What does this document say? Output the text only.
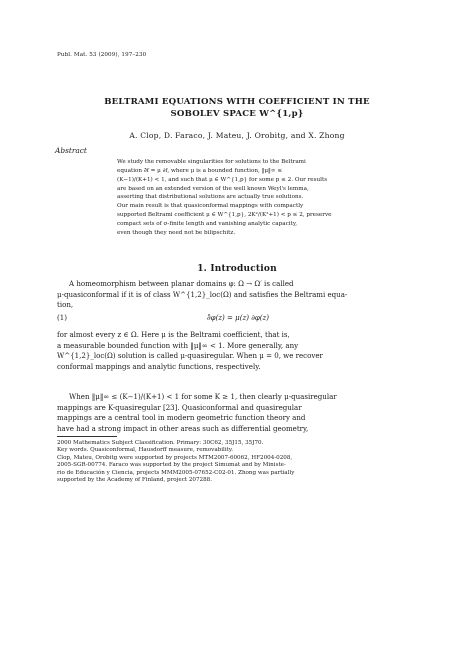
Publ. Mat. 53 (2009), 197–230
BELTRAMI EQUATIONS WITH COEFFICIENT IN THE
SOBOLEV SPACE W^{1,p}
A. Clop, D. Faraco, J. Mateu, J. Orobitg, and X. Zhong
Abstract
We study the removable singularities for solutions to the Beltrami
equation ∂̄f = μ ∂f, where μ is a bounded function, ‖μ‖∞ ≤
(K−1)/(K+1) < 1, and such that μ ∈ W^{1,p} for some p ≤ 2. Our results
are based on an extended version of the well known Weyl's lemma,
asserting that distributional solutions are actually true solutions.
Our main result is that quasiconformal mappings with compactly
supported Beltrami coefficient μ ∈ W^{1,p}, 2K²/(K²+1) < p ≤ 2, preserve
compact sets of σ-finite length and vanishing analytic capacity,
even though they need not be bilipschitz.
1. Introduction
A homeomorphism between planar domains φ: Ω → Ω′ is called
μ-quasiconformal if it is of class W^{1,2}_loc(Ω) and satisfies the Beltrami equa-
tion,
(1)	∂̄φ(z) = μ(z) ∂φ(z)
for almost every z ∈ Ω. Here μ is the Beltrami coefficient, that is,
a measurable bounded function with ‖μ‖∞ < 1. More generally, any
W^{1,2}_loc(Ω) solution is called μ-quasiregular. When μ = 0, we recover
conformal mappings and analytic functions, respectively.
When ‖μ‖∞ ≤ (K−1)/(K+1) < 1 for some K ≥ 1, then clearly μ-quasiregular
mappings are K-quasiregular [23]. Quasiconformal and quasiregular
mappings are a central tool in modern geometric function theory and
have had a strong impact in other areas such as differential geometry,
2000 Mathematics Subject Classification. Primary: 30C62, 35J15, 35J70.
Key words. Quasiconformal, Hausdorff measure, removability.
Clop, Mateu, Orobitg were supported by projects MTM2007-60062, HF2004-0208,
2005-SGR-00774. Faraco was supported by the project Simumat and by Ministe-
rio de Educación y Ciencia, projects MMM2005-07652-C02-01. Zhong was partially
supported by the Academy of Finland, project 207288.
